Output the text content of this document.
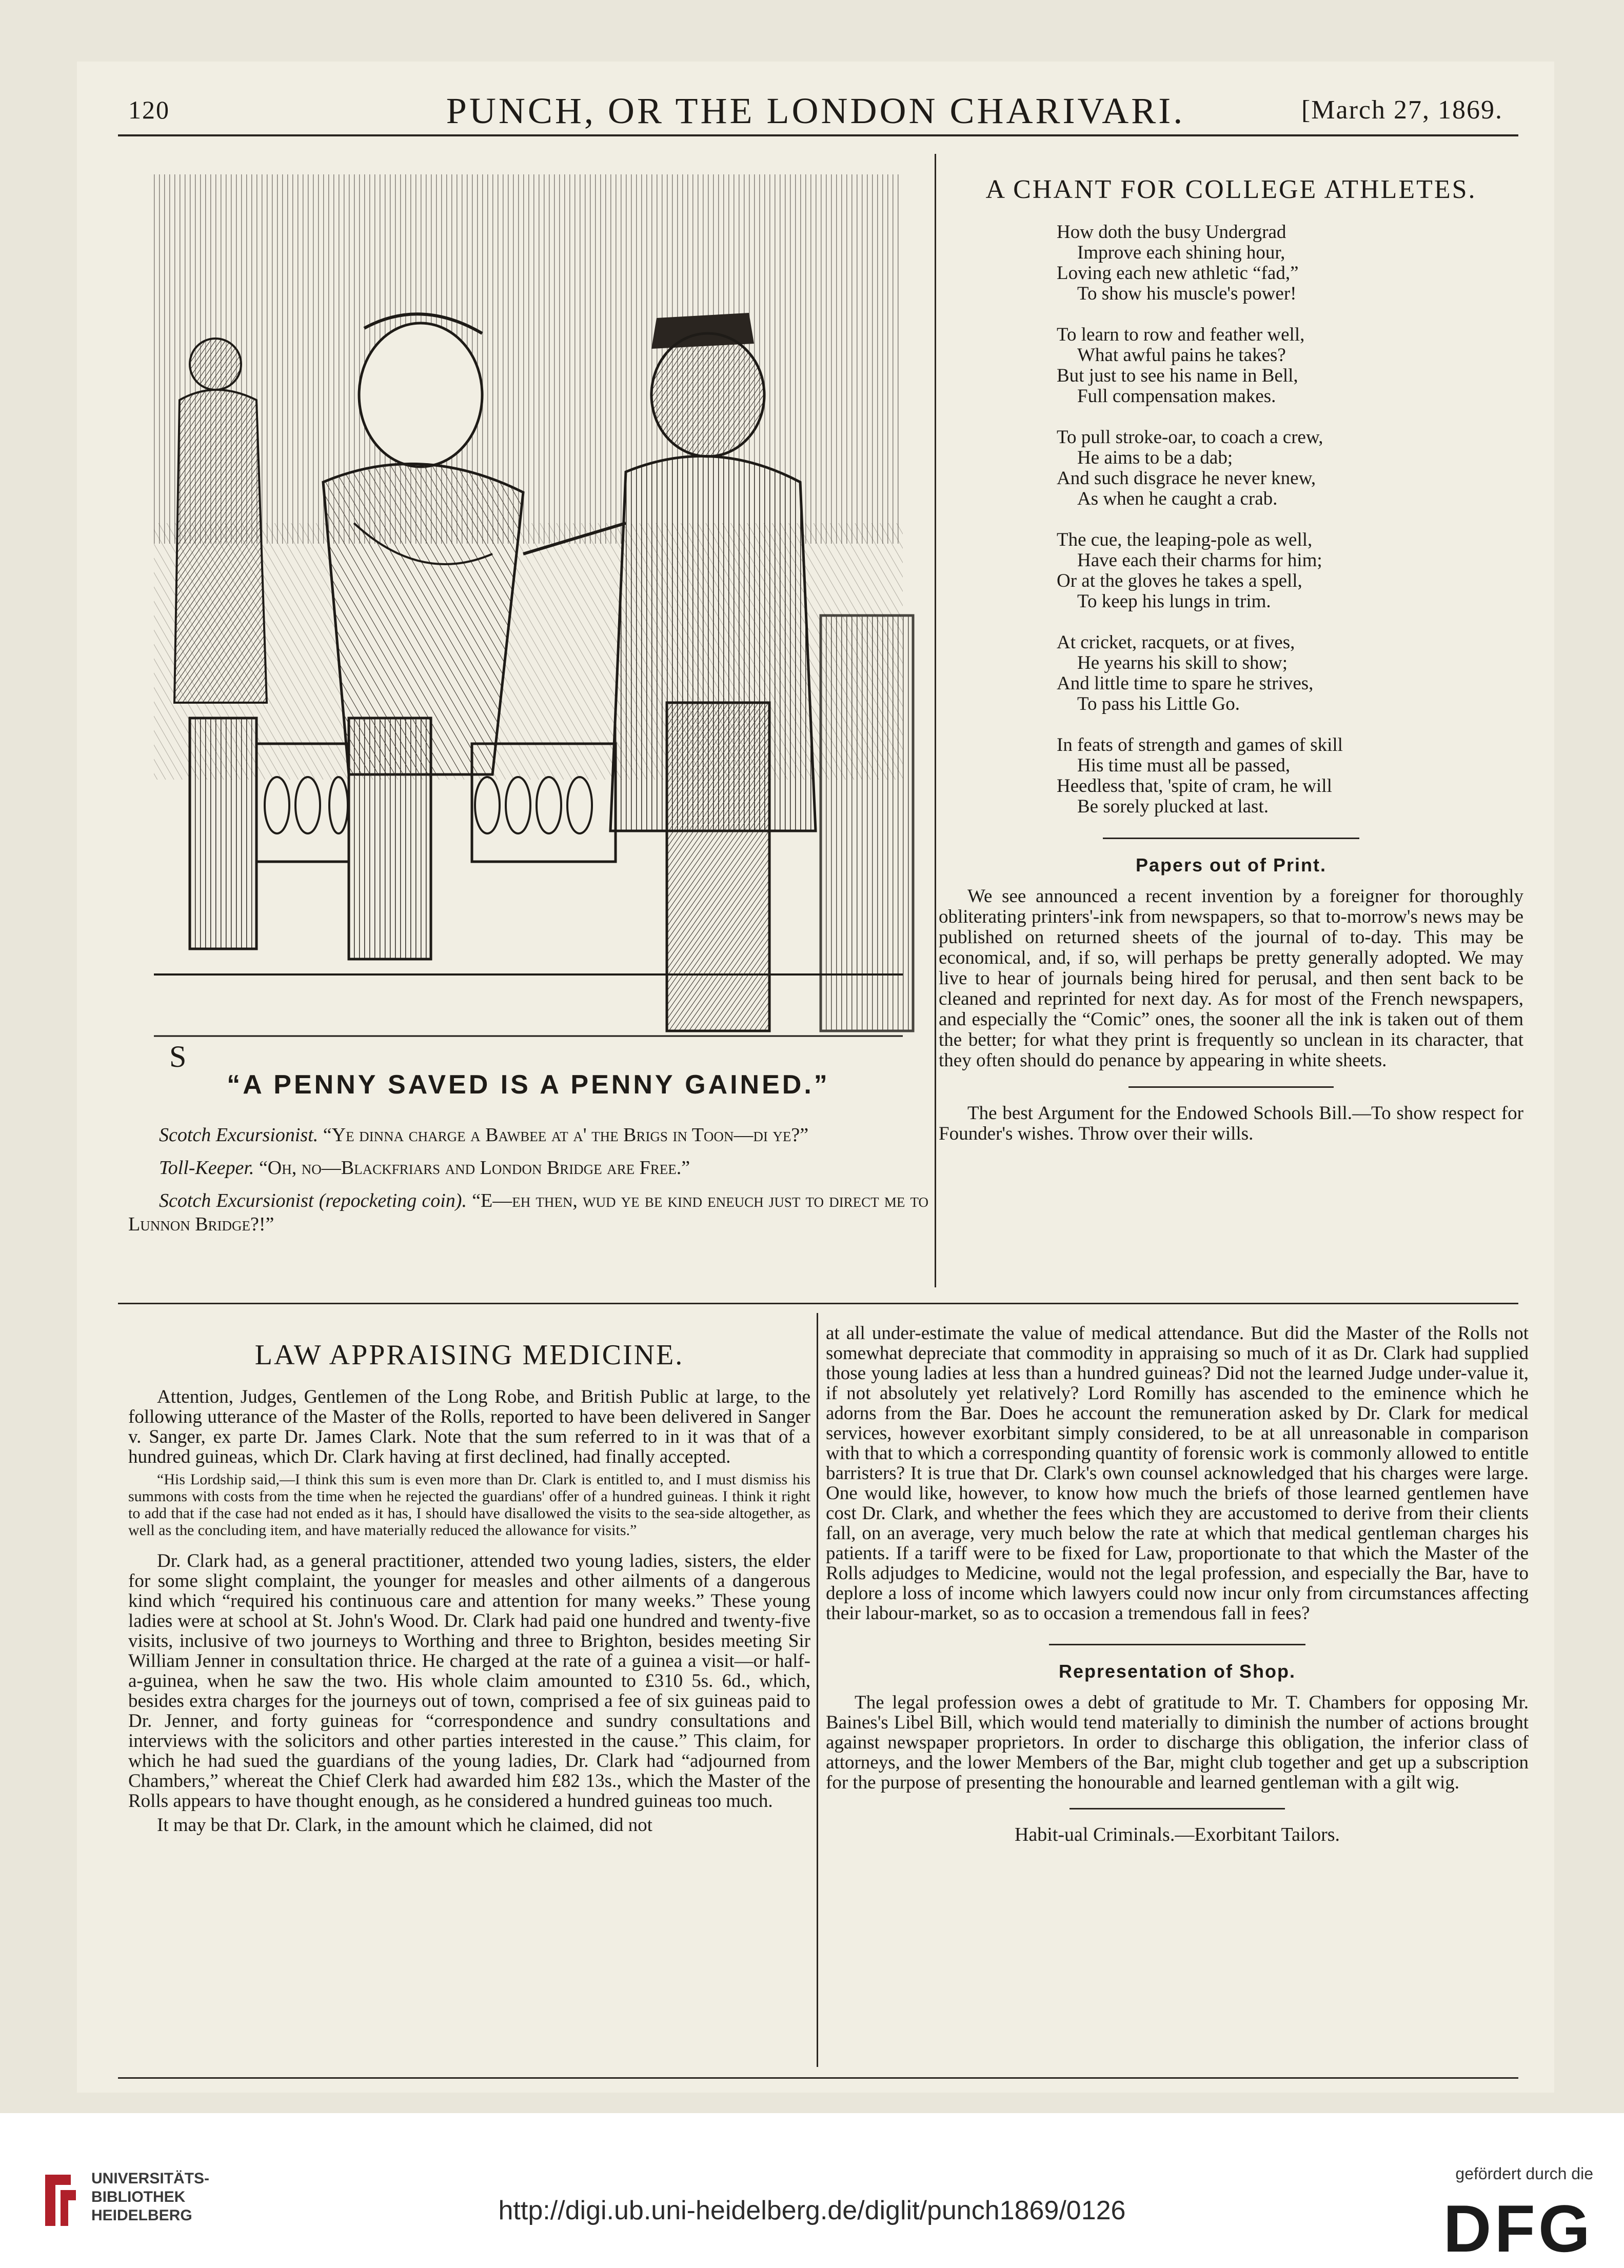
120	PUNCH, OR THE LONDON CHARIVARI.	[March 27, 1869.
S
“A PENNY SAVED IS A PENNY GAINED.”

Scotch Excursionist. “Ye dinna charge a Bawbee at a' the Brigs in Toon—di ye?”

Toll-Keeper. “Oh, no—Blackfriars and London Bridge are Free.”

Scotch Excursionist (repocketing coin). “E—eh then, wud ye be kind eneuch just to direct me to Lunnon Bridge?!”

A CHANT FOR COLLEGE ATHLETES.
How doth the busy Undergrad
Improve each shining hour,
Loving each new athletic “fad,”
To show his muscle's power!
To learn to row and feather well,
What awful pains he takes?
But just to see his name in Bell,
Full compensation makes.
To pull stroke-oar, to coach a crew,
He aims to be a dab;
And such disgrace he never knew,
As when he caught a crab.
The cue, the leaping-pole as well,
Have each their charms for him;
Or at the gloves he takes a spell,
To keep his lungs in trim.
At cricket, racquets, or at fives,
He yearns his skill to show;
And little time to spare he strives,
To pass his Little Go.
In feats of strength and games of skill
His time must all be passed,
Heedless that, 'spite of cram, he will
Be sorely plucked at last.
Papers out of Print.

We see announced a recent invention by a foreigner for thoroughly obliterating printers'-ink from newspapers, so that to-morrow's news may be published on returned sheets of the journal of to-day. This may be economical, and, if so, will perhaps be pretty generally adopted. We may live to hear of journals being hired for perusal, and then sent back to be cleaned and reprinted for next day. As for most of the French newspapers, and especially the “Comic” ones, the sooner all the ink is taken out of them the better; for what they print is frequently so unclean in its character, that they often should do penance by appearing in white sheets.

The best Argument for the Endowed Schools Bill.—To show respect for Founder's wishes. Throw over their wills.

LAW APPRAISING MEDICINE.

Attention, Judges, Gentlemen of the Long Robe, and British Public at large, to the following utterance of the Master of the Rolls, reported to have been delivered in Sanger v. Sanger, ex parte Dr. James Clark. Note that the sum referred to in it was that of a hundred guineas, which Dr. Clark having at first declined, had finally accepted.

“His Lordship said,—I think this sum is even more than Dr. Clark is entitled to, and I must dismiss his summons with costs from the time when he rejected the guardians' offer of a hundred guineas. I think it right to add that if the case had not ended as it has, I should have disallowed the visits to the sea-side altogether, as well as the concluding item, and have materially reduced the allowance for visits.”

Dr. Clark had, as a general practitioner, attended two young ladies, sisters, the elder for some slight complaint, the younger for measles and other ailments of a dangerous kind which “required his continuous care and attention for many weeks.” These young ladies were at school at St. John's Wood. Dr. Clark had paid one hundred and twenty-five visits, inclusive of two journeys to Worthing and three to Brighton, besides meeting Sir William Jenner in consultation thrice. He charged at the rate of a guinea a visit—or half-a-guinea, when he saw the two. His whole claim amounted to £310 5s. 6d., which, besides extra charges for the journeys out of town, comprised a fee of six guineas paid to Dr. Jenner, and forty guineas for “correspondence and sundry consultations and interviews with the solicitors and other parties interested in the cause.” This claim, for which he had sued the guardians of the young ladies, Dr. Clark had “adjourned from Chambers,” whereat the Chief Clerk had awarded him £82 13s., which the Master of the Rolls appears to have thought enough, as he considered a hundred guineas too much.

It may be that Dr. Clark, in the amount which he claimed, did not

at all under-estimate the value of medical attendance. But did the Master of the Rolls not somewhat depreciate that commodity in appraising so much of it as Dr. Clark had supplied those young ladies at less than a hundred guineas? Did not the learned Judge under-value it, if not absolutely yet relatively? Lord Romilly has ascended to the eminence which he adorns from the Bar. Does he account the remuneration asked by Dr. Clark for medical services, however exorbitant simply considered, to be at all unreasonable in comparison with that to which a corresponding quantity of forensic work is commonly allowed to entitle barristers? It is true that Dr. Clark's own counsel acknowledged that his charges were large. One would like, however, to know how much the briefs of those learned gentlemen have cost Dr. Clark, and whether the fees which they are accustomed to derive from their clients fall, on an average, very much below the rate at which that medical gentleman charges his patients. If a tariff were to be fixed for Law, proportionate to that which the Master of the Rolls adjudges to Medicine, would not the legal profession, and especially the Bar, have to deplore a loss of income which lawyers could now incur only from circumstances affecting their labour-market, so as to occasion a tremendous fall in fees?

Representation of Shop.

The legal profession owes a debt of gratitude to Mr. T. Chambers for opposing Mr. Baines's Libel Bill, which would tend materially to diminish the number of actions brought against newspaper proprietors. In order to discharge this obligation, the inferior class of attorneys, and the lower Members of the Bar, might club together and get up a subscription for the purpose of presenting the honourable and learned gentleman with a gilt wig.

Habit-ual Criminals.—Exorbitant Tailors.

UNIVERSITÄTS-
BIBLIOTHEK
HEIDELBERG	http://digi.ub.uni-heidelberg.de/diglit/punch1869/0126
gefördert durch die
DFG
